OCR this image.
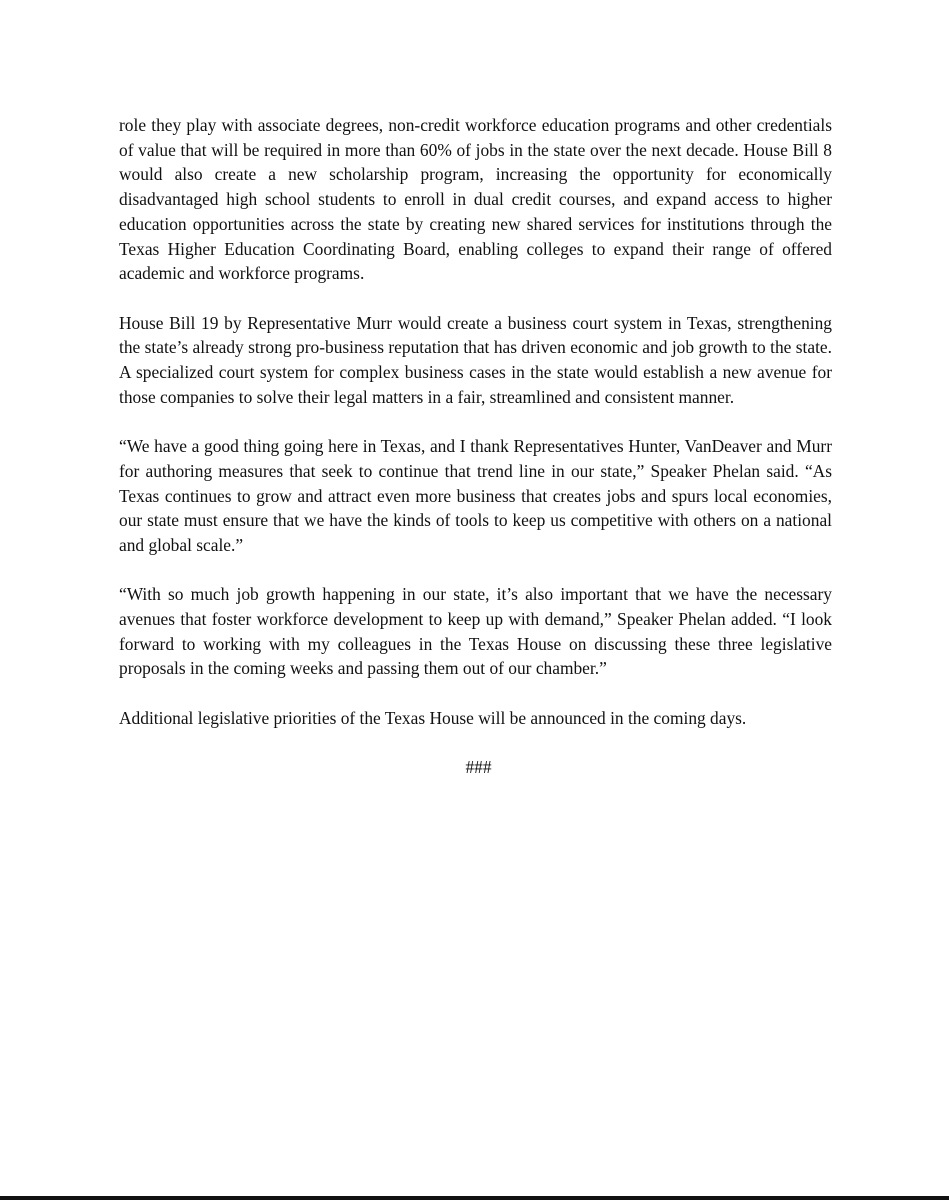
role they play with associate degrees, non-credit workforce education programs and other credentials of value that will be required in more than 60% of jobs in the state over the next decade. House Bill 8 would also create a new scholarship program, increasing the opportunity for economically disadvantaged high school students to enroll in dual credit courses, and expand access to higher education opportunities across the state by creating new shared services for institutions through the Texas Higher Education Coordinating Board, enabling colleges to expand their range of offered academic and workforce programs.

House Bill 19 by Representative Murr would create a business court system in Texas, strengthening the state’s already strong pro-business reputation that has driven economic and job growth to the state. A specialized court system for complex business cases in the state would establish a new avenue for those companies to solve their legal matters in a fair, streamlined and consistent manner.

“We have a good thing going here in Texas, and I thank Representatives Hunter, VanDeaver and Murr for authoring measures that seek to continue that trend line in our state,” Speaker Phelan said. “As Texas continues to grow and attract even more business that creates jobs and spurs local economies, our state must ensure that we have the kinds of tools to keep us competitive with others on a national and global scale.”

“With so much job growth happening in our state, it’s also important that we have the necessary avenues that foster workforce development to keep up with demand,” Speaker Phelan added. “I look forward to working with my colleagues in the Texas House on discussing these three legislative proposals in the coming weeks and passing them out of our chamber.”

Additional legislative priorities of the Texas House will be announced in the coming days.

###
